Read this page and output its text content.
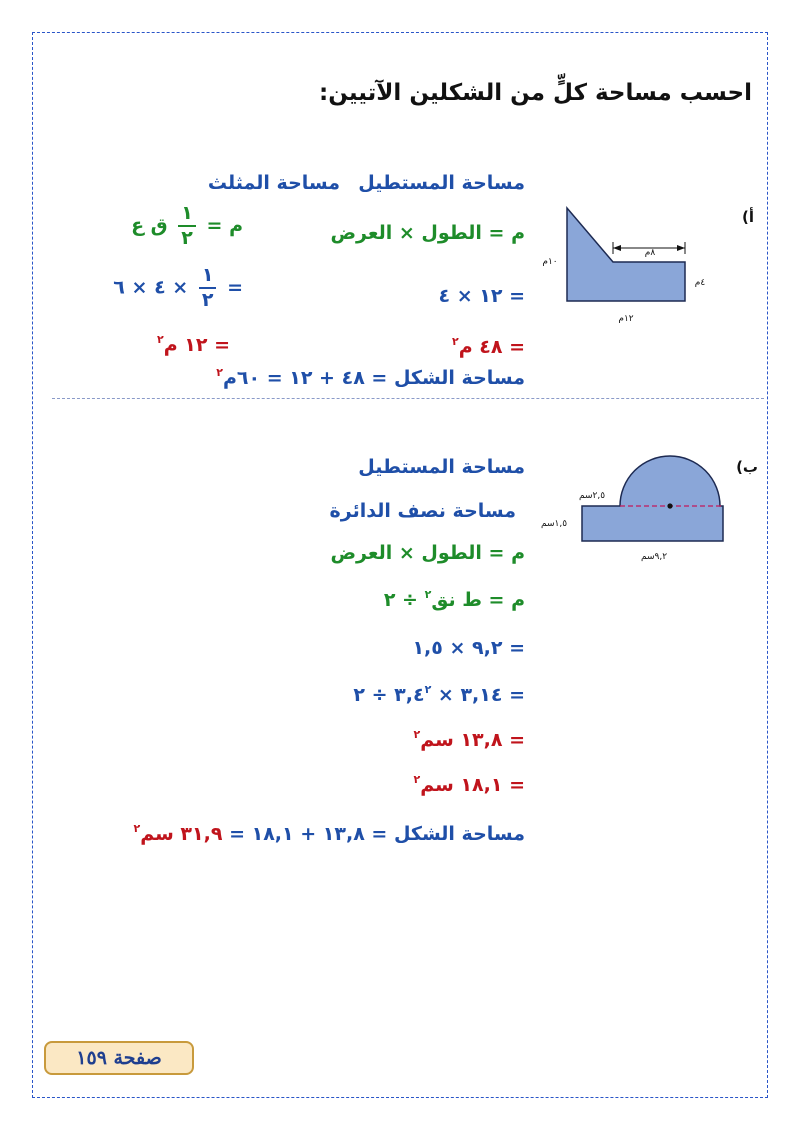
احسب مساحة كلٍّ من الشكلين الآتيين:
أ)
١٠م
٨م
٤م
١٢م
مساحة المستطيل
مساحة المثلث
م = الطول × العرض
م =
$\frac{١}{٢}$
ق ع
= ١٢ × ٤
=
$\frac{١}{٢}$
× ٤ × ٦
= ٤٨ م$^٢$
= ١٢ م$^٢$
مساحة الشكل = ٤٨ + ١٢ = ٦٠م$^٢$
ب)
٢,٥سم
١,٥سم
٩,٢سم
مساحة المستطيل
مساحة نصف الدائرة
م = الطول × العرض
م = ط نق$^٢$ ÷ ٢
= ٩,٢ × ١,٥
= ٣,١٤ × $٣,٤^٢$ ÷ ٢
= ١٣,٨ سم$^٢$
= ١٨,١ سم$^٢$
مساحة الشكل = ١٣,٨ + ١٨,١ = ٣١,٩ سم$^٢$
صفحة ١٥٩
